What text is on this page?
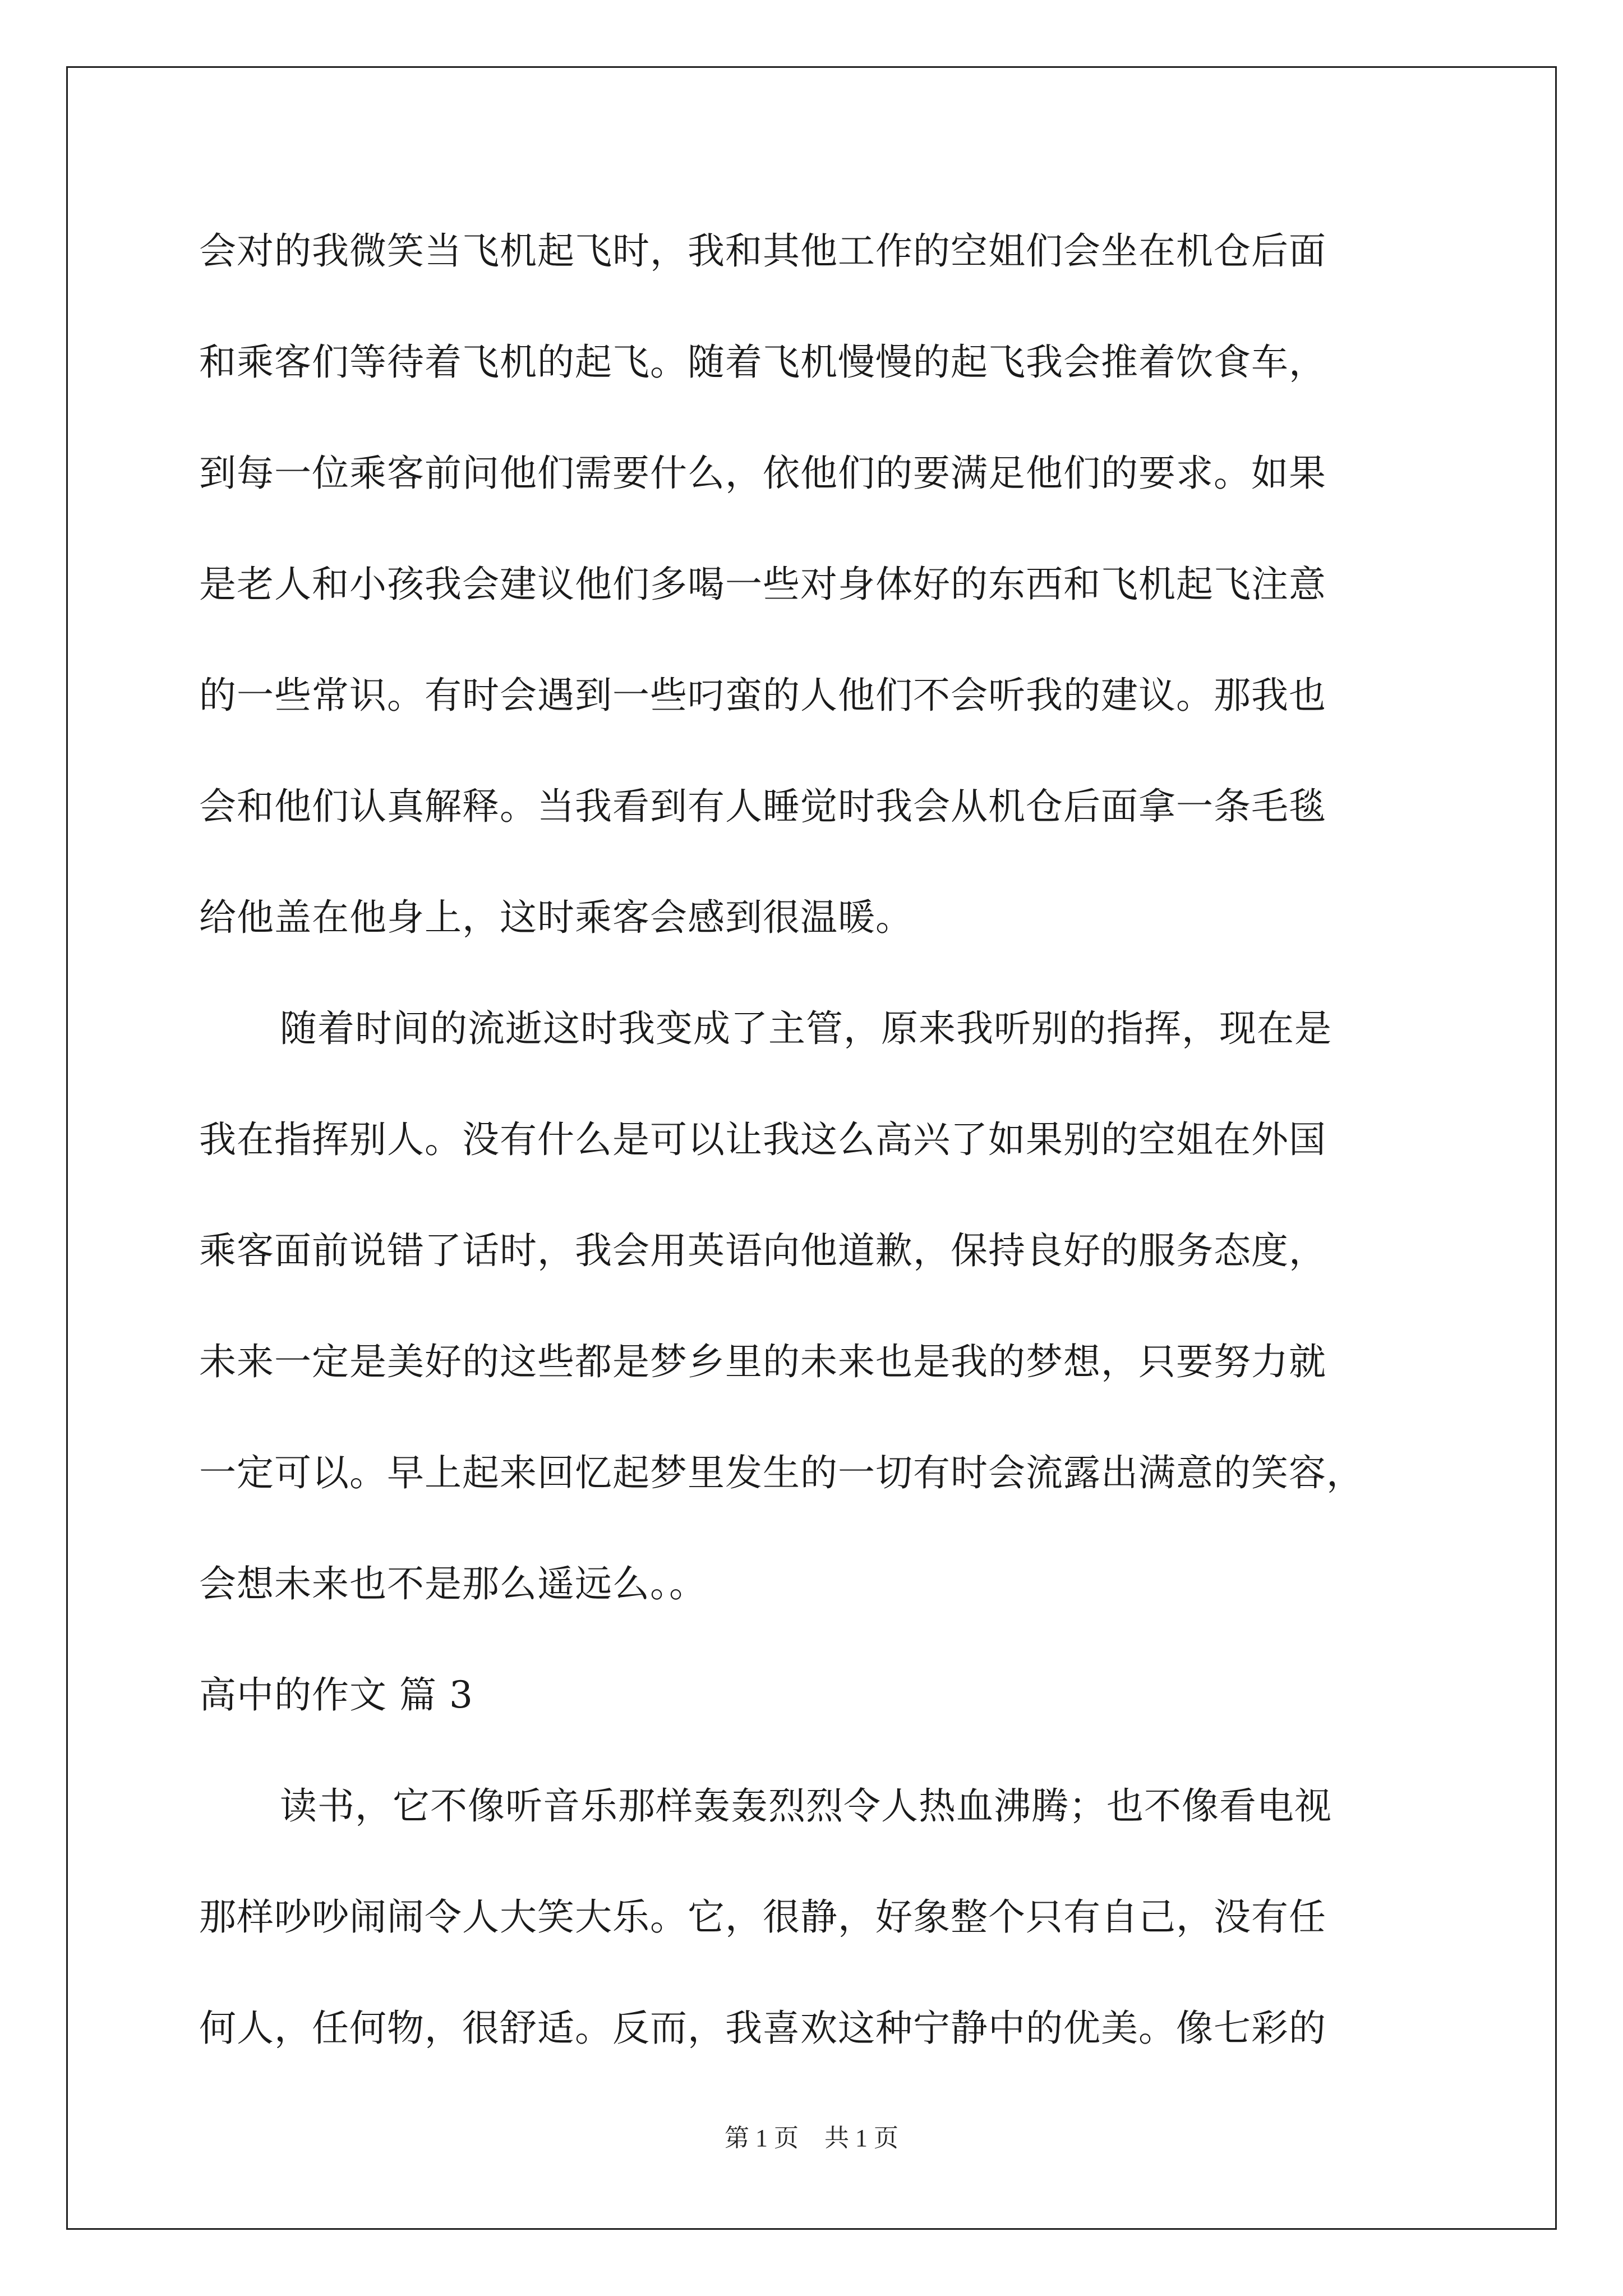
会对的我微笑当飞机起飞时，我和其他工作的空姐们会坐在机仓后面
和乘客们等待着飞机的起飞。随着飞机慢慢的起飞我会推着饮食车，
到每一位乘客前问他们需要什么，依他们的要满足他们的要求。如果
是老人和小孩我会建议他们多喝一些对身体好的东西和飞机起飞注意
的一些常识。有时会遇到一些叼蛮的人他们不会听我的建议。那我也
会和他们认真解释。当我看到有人睡觉时我会从机仓后面拿一条毛毯
给他盖在他身上，这时乘客会感到很温暖。
随着时间的流逝这时我变成了主管，原来我听别的指挥，现在是
我在指挥别人。没有什么是可以让我这么高兴了如果别的空姐在外国
乘客面前说错了话时，我会用英语向他道歉，保持良好的服务态度，
未来一定是美好的这些都是梦乡里的未来也是我的梦想，只要努力就
一定可以。早上起来回忆起梦里发生的一切有时会流露出满意的笑容，
会想未来也不是那么遥远么。。
高中的作文 篇 3
读书，它不像听音乐那样轰轰烈烈令人热血沸腾；也不像看电视
那样吵吵闹闹令人大笑大乐。它，很静，好象整个只有自己，没有任
何人，任何物，很舒适。反而，我喜欢这种宁静中的优美。像七彩的
第 1 页 共 1 页
